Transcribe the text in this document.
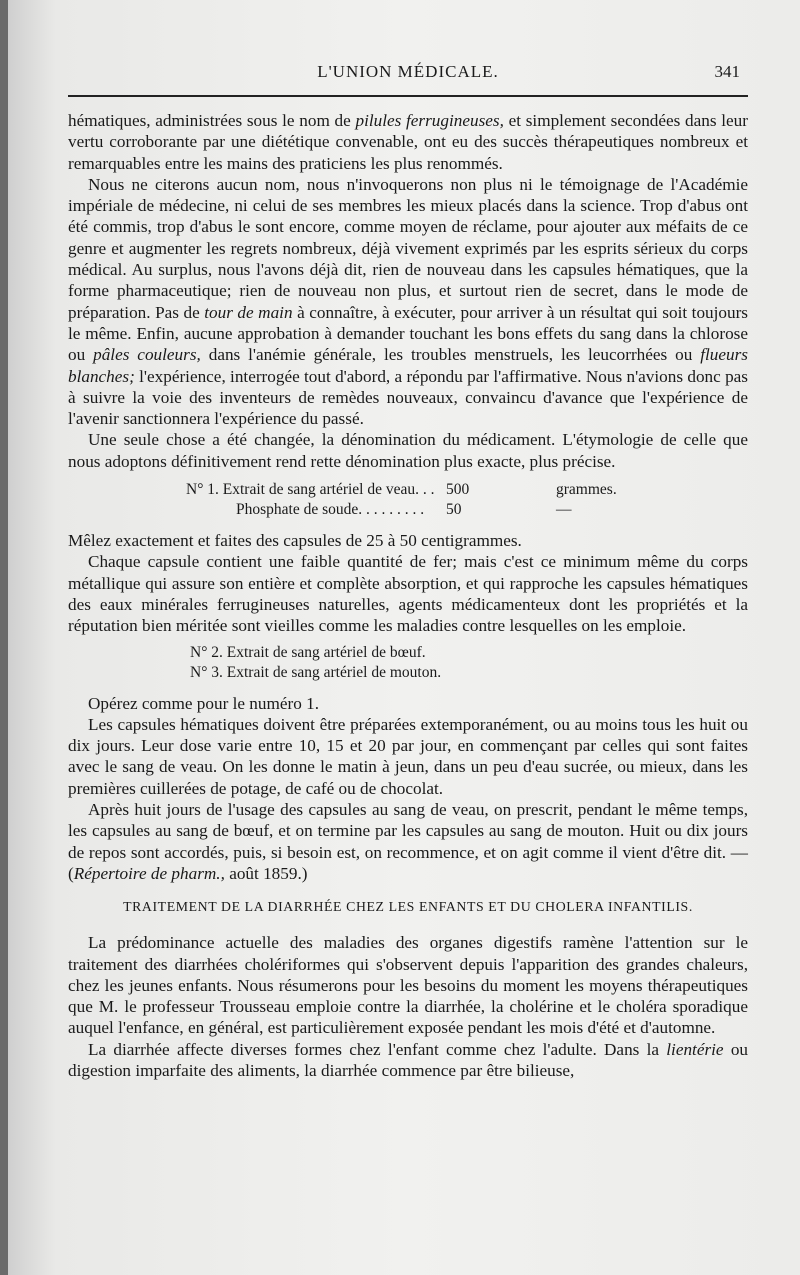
L'UNION MÉDICALE.	341

hématiques, administrées sous le nom de pilules ferrugineuses, et simplement secondées dans leur vertu corroborante par une diététique convenable, ont eu des succès thérapeutiques nombreux et remarquables entre les mains des praticiens les plus renommés.

Nous ne citerons aucun nom, nous n'invoquerons non plus ni le témoignage de l'Académie impériale de médecine, ni celui de ses membres les mieux placés dans la science. Trop d'abus ont été commis, trop d'abus le sont encore, comme moyen de réclame, pour ajouter aux méfaits de ce genre et augmenter les regrets nombreux, déjà vivement exprimés par les esprits sérieux du corps médical. Au surplus, nous l'avons déjà dit, rien de nouveau dans les capsules hématiques, que la forme pharmaceutique; rien de nouveau non plus, et surtout rien de secret, dans le mode de préparation. Pas de tour de main à connaître, à exécuter, pour arriver à un résultat qui soit toujours le même. Enfin, aucune approbation à demander touchant les bons effets du sang dans la chlorose ou pâles couleurs, dans l'anémie générale, les troubles menstruels, les leucorrhées ou flueurs blanches; l'expérience, interrogée tout d'abord, a répondu par l'affirmative. Nous n'avions donc pas à suivre la voie des inventeurs de remèdes nouveaux, convaincu d'avance que l'expérience de l'avenir sanctionnera l'expérience du passé.

Une seule chose a été changée, la dénomination du médicament. L'étymologie de celle que nous adoptons définitivement rend rette dénomination plus exacte, plus précise.

N° 1. Extrait de sang artériel de veau. . . 500	grammes.
Phosphate de soude. . . . . . . . .	50	—

Mêlez exactement et faites des capsules de 25 à 50 centigrammes.

Chaque capsule contient une faible quantité de fer; mais c'est ce minimum même du corps métallique qui assure son entière et complète absorption, et qui rapproche les capsules hématiques des eaux minérales ferrugineuses naturelles, agents médicamenteux dont les propriétés et la réputation bien méritée sont vieilles comme les maladies contre lesquelles on les emploie.

N° 2. Extrait de sang artériel de bœuf.
N° 3. Extrait de sang artériel de mouton.

Opérez comme pour le numéro 1.

Les capsules hématiques doivent être préparées extemporanément, ou au moins tous les huit ou dix jours. Leur dose varie entre 10, 15 et 20 par jour, en commençant par celles qui sont faites avec le sang de veau. On les donne le matin à jeun, dans un peu d'eau sucrée, ou mieux, dans les premières cuillerées de potage, de café ou de chocolat.

Après huit jours de l'usage des capsules au sang de veau, on prescrit, pendant le même temps, les capsules au sang de bœuf, et on termine par les capsules au sang de mouton. Huit ou dix jours de repos sont accordés, puis, si besoin est, on recommence, et on agit comme il vient d'être dit. — (Répertoire de pharm., août 1859.)

TRAITEMENT DE LA DIARRHÉE CHEZ LES ENFANTS ET DU CHOLERA INFANTILIS.

La prédominance actuelle des maladies des organes digestifs ramène l'attention sur le traitement des diarrhées cholériformes qui s'observent depuis l'apparition des grandes chaleurs, chez les jeunes enfants. Nous résumerons pour les besoins du moment les moyens thérapeutiques que M. le professeur Trousseau emploie contre la diarrhée, la cholérine et le choléra sporadique auquel l'enfance, en général, est particulièrement exposée pendant les mois d'été et d'automne.

La diarrhée affecte diverses formes chez l'enfant comme chez l'adulte. Dans la lientérie ou digestion imparfaite des aliments, la diarrhée commence par être bilieuse,
